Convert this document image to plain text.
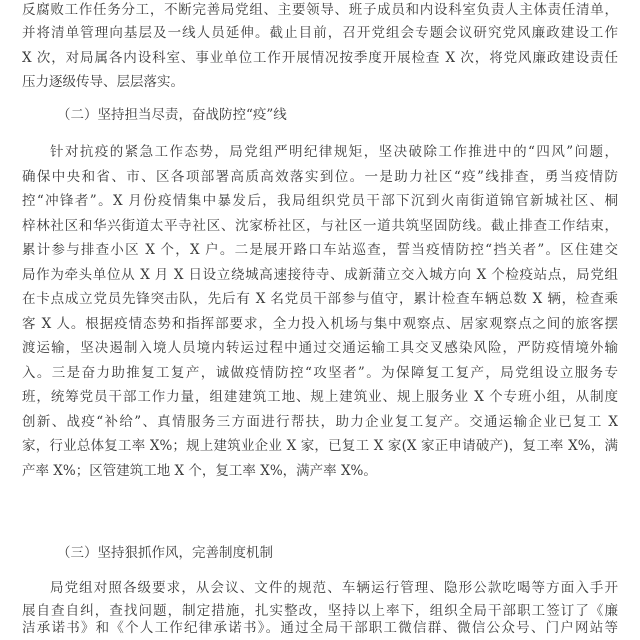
反腐败工作任务分工，不断完善局党组、主要领导、班子成员和内设科室负责人主体责任清单，
并将清单管理向基层及一线人员延伸。截止目前，召开党组会专题会议研究党风廉政建设工作
X 次，对局属各内设科室、事业单位工作开展情况按季度开展检查 X 次，将党风廉政建设责任
压力逐级传导、层层落实。
（二）坚持担当尽责，奋战防控“疫”线
针对抗疫的紧急工作态势，局党组严明纪律规矩，坚决破除工作推进中的“四风”问题，
确保中央和省、市、区各项部署高质高效落实到位。一是助力社区“疫”线排查，勇当疫情防
控“冲锋者”。X 月份疫情集中暴发后，我局组织党员干部下沉到火南街道锦官新城社区、桐
梓林社区和华兴街道太平寺社区、沈家桥社区，与社区一道共筑坚固防线。截止排查工作结束，
累计参与排查小区 X 个，X 户。二是展开路口车站巡查，誓当疫情防控“挡关者”。区住建交
局作为牵头单位从 X 月 X 日设立绕城高速接待寺、成新蒲立交入城方向 X 个检疫站点，局党组
在卡点成立党员先锋突击队，先后有 X 名党员干部参与值守，累计检查车辆总数 X 辆，检查乘
客 X 人。根据疫情态势和指挥部要求，全力投入机场与集中观察点、居家观察点之间的旅客摆
渡运输，坚决遏制入境人员境内转运过程中通过交通运输工具交叉感染风险，严防疫情境外输
入。三是奋力助推复工复产，诚做疫情防控“攻坚者”。为保障复工复产，局党组设立服务专
班，统筹党员干部工作力量，组建建筑工地、规上建筑业、规上服务业 X 个专班小组，从制度
创新、战疫“补给”、真情服务三方面进行帮扶，助力企业复工复产。交通运输企业已复工 X
家，行业总体复工率 X%；规上建筑业企业 X 家，已复工 X 家(X 家正申请破产)，复工率 X%，满
产率 X%；区管建筑工地 X 个，复工率 X%，满产率 X%。
（三）坚持狠抓作风，完善制度机制
局党组对照各级要求，从会议、文件的规范、车辆运行管理、隐形公款吃喝等方面入手开
展自查自纠，查找问题，制定措施，扎实整改，坚持以上率下，组织全局干部职工签订了《廉
洁承诺书》和《个人工作纪律承诺书》。通过全局干部职工微信群、微信公众号、门户网站等
